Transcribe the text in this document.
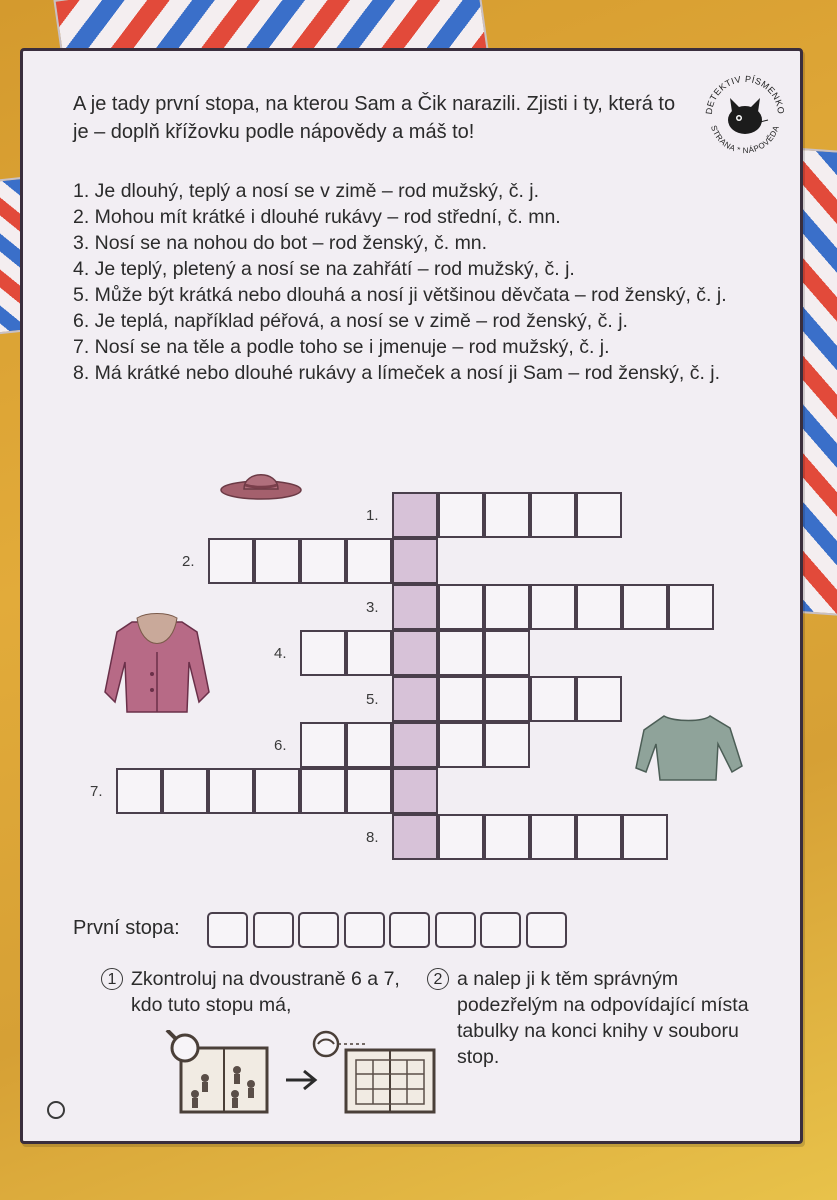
A je tady první stopa, na kterou Sam a Čik narazili. Zjisti i ty, která to je – doplň křížovku podle nápovědy a máš to!
DETEKTIV PÍSMENKO
STRANA * NÁPOVĚDA
1. Je dlouhý, teplý a nosí se v zimě – rod mužský, č. j.
2. Mohou mít krátké i dlouhé rukávy – rod střední, č. mn.
3. Nosí se na nohou do bot – rod ženský, č. mn.
4. Je teplý, pletený a nosí se na zahřátí – rod mužský, č. j.
5. Může být krátká nebo dlouhá a nosí ji většinou děvčata – rod ženský, č. j.
6. Je teplá, například péřová, a nosí se v zimě – rod ženský, č. j.
7. Nosí se na těle a podle toho se i jmenuje – rod mužský, č. j.
8. Má krátké nebo dlouhé rukávy a límeček a nosí ji Sam – rod ženský, č. j.
1.
2.
3.
4.
5.
6.
7.
8.
První stopa:
1 Zkontroluj na dvoustraně 6 a 7, kdo tuto stopu má,
2 a nalep ji k těm správným podezřelým na odpovídající místa tabulky na konci knihy v souboru stop.
